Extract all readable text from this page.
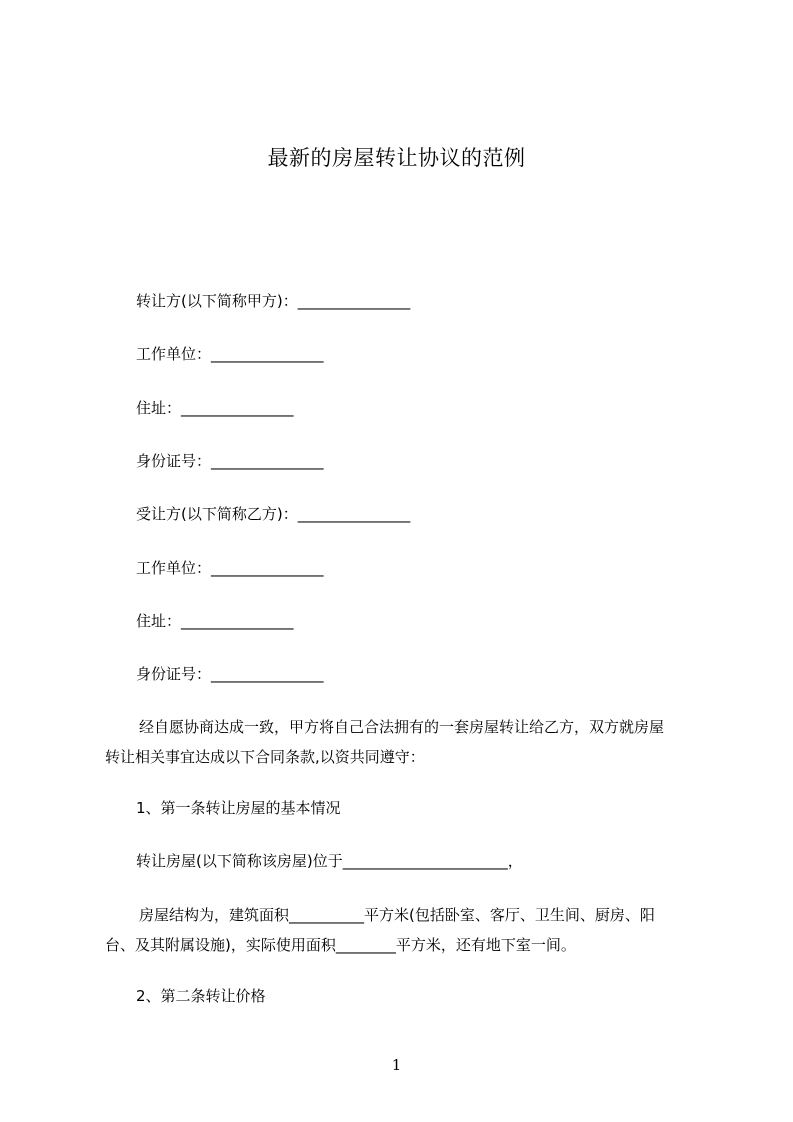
最新的房屋转让协议的范例
转让方(以下简称甲方)：_______________
工作单位：_______________
住址：_______________
身份证号：_______________
受让方(以下简称乙方)：_______________
工作单位：_______________
住址：_______________
身份证号：_______________
经自愿协商达成一致，甲方将自己合法拥有的一套房屋转让给乙方，双方就房屋
转让相关事宜达成以下合同条款,以资共同遵守：
1、第一条转让房屋的基本情况
转让房屋(以下简称该房屋)位于______________________，
房屋结构为，建筑面积__________平方米(包括卧室、客厅、卫生间、厨房、阳
台、及其附属设施)，实际使用面积________平方米，还有地下室一间。
2、第二条转让价格
1
